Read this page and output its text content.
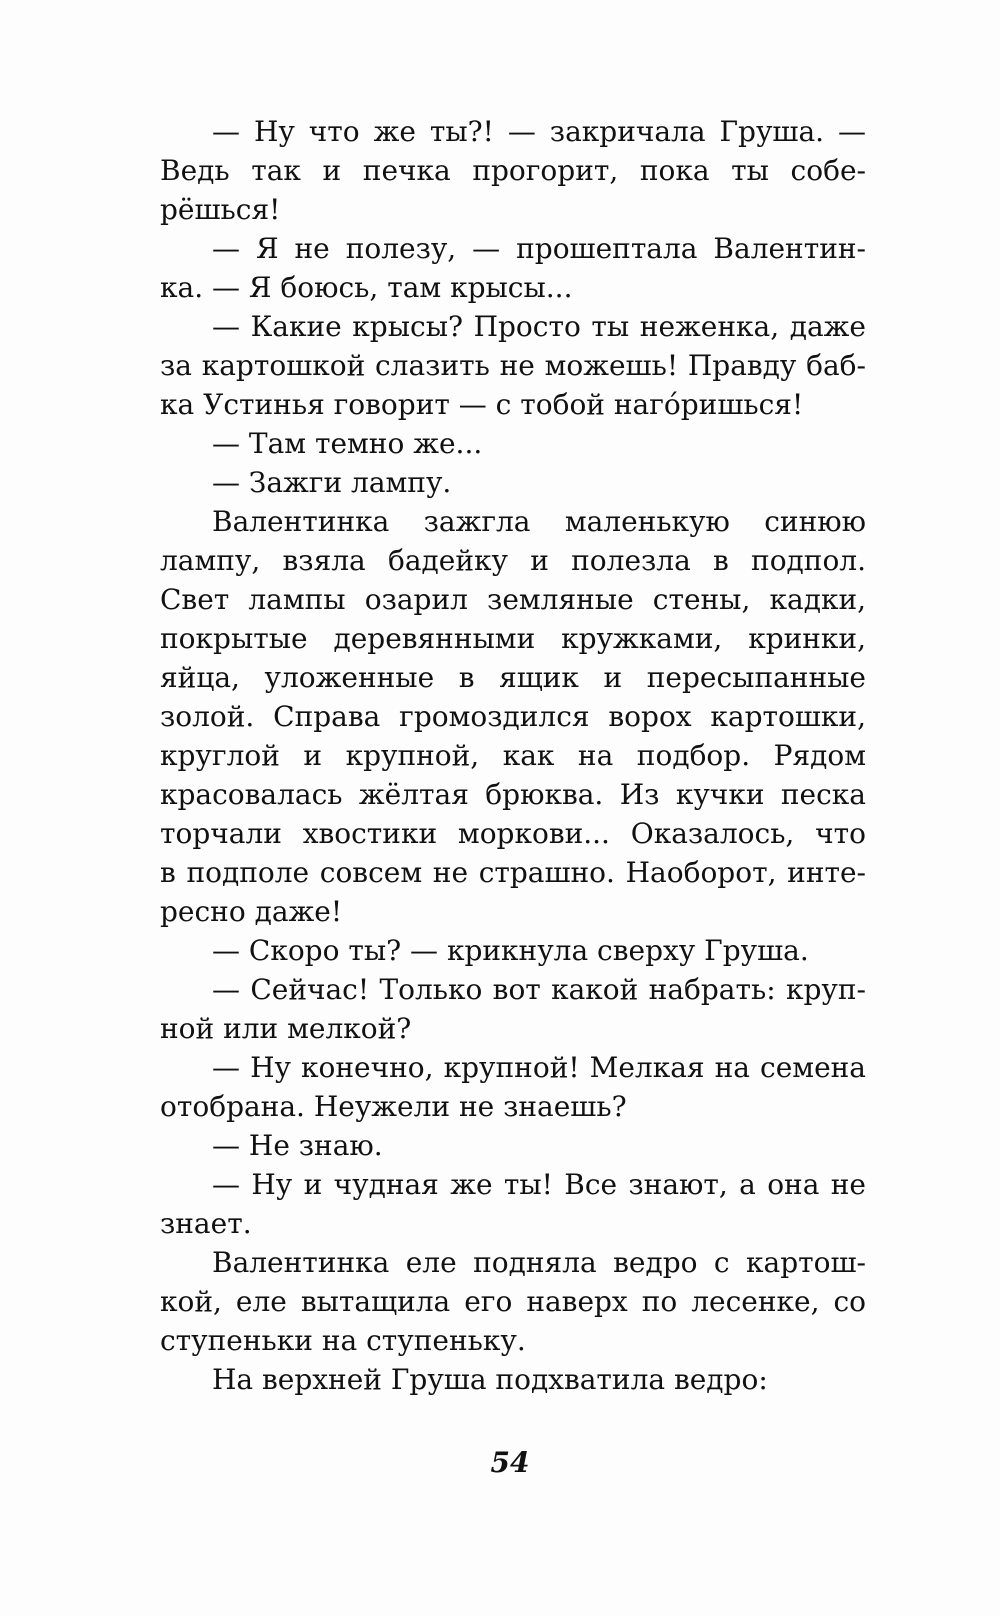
— Ну что же ты?! — закричала Груша. —
Ведь так и печка прогорит, пока ты собе-
рёшься!
— Я не полезу, — прошептала Валентин-
ка. — Я боюсь, там крысы...
— Какие крысы? Просто ты неженка, даже
за картошкой слазить не можешь! Правду баб-
ка Устинья говорит — с тобой нагóришься!
— Там темно же...
— Зажги лампу.
Валентинка зажгла маленькую синюю
лампу, взяла бадейку и полезла в подпол.
Свет лампы озарил земляные стены, кадки,
покрытые деревянными кружками, кринки,
яйца, уложенные в ящик и пересыпанные
золой. Справа громоздился ворох картошки,
круглой и крупной, как на подбор. Рядом
красовалась жёлтая брюква. Из кучки песка
торчали хвостики моркови... Оказалось, что
в подполе совсем не страшно. Наоборот, инте-
ресно даже!
— Скоро ты? — крикнула сверху Груша.
— Сейчас! Только вот какой набрать: круп-
ной или мелкой?
— Ну конечно, крупной! Мелкая на семена
отобрана. Неужели не знаешь?
— Не знаю.
— Ну и чудная же ты! Все знают, а она не
знает.
Валентинка еле подняла ведро с картош-
кой, еле вытащила его наверх по лесенке, со
ступеньки на ступеньку.
На верхней Груша подхватила ведро:
54
